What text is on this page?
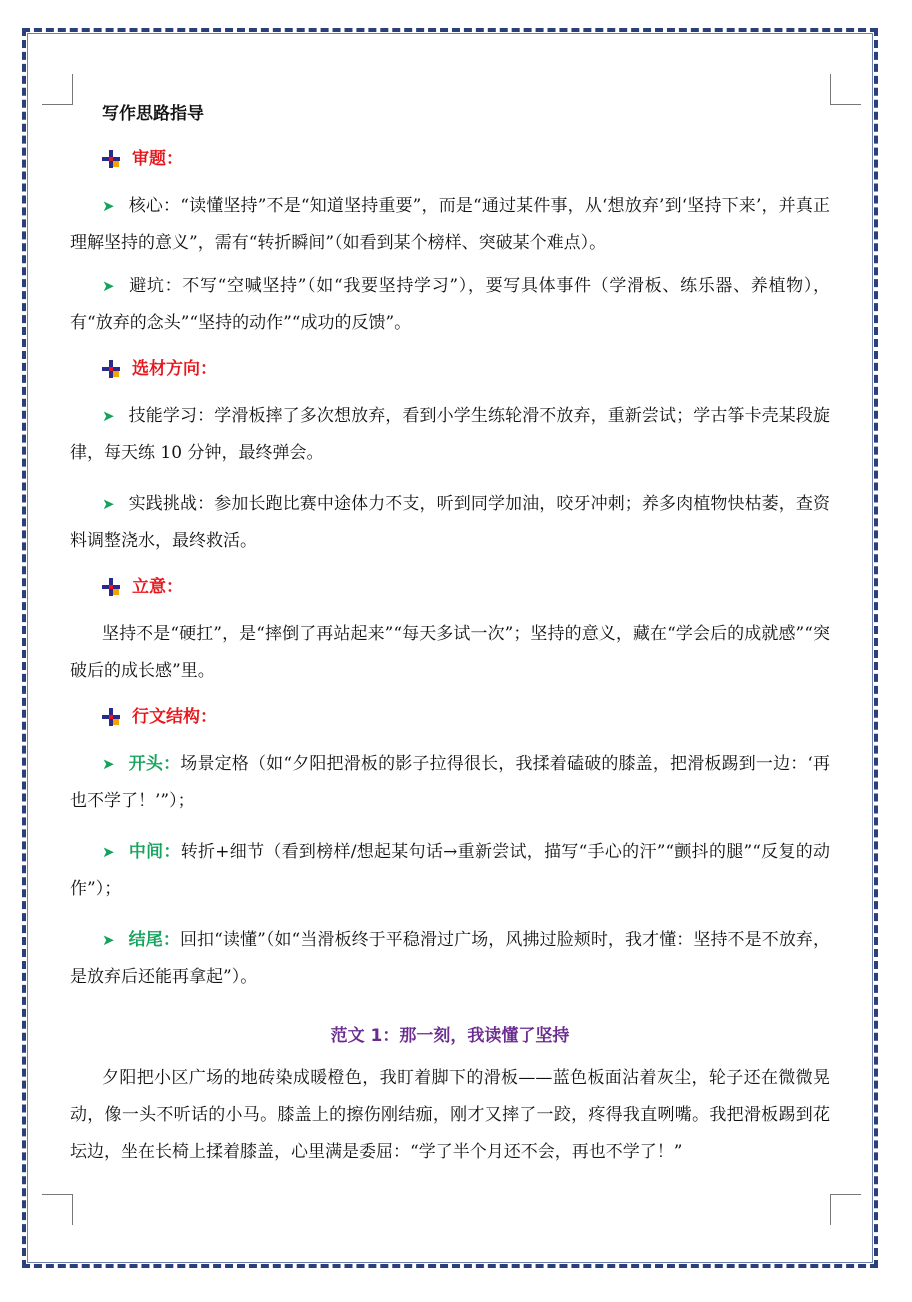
写作思路指导
审题：
➤ 核心：“读懂坚持”不是“知道坚持重要”，而是“通过某件事，从‘想放弃’到‘坚持下来’，并真正理解坚持的意义”，需有“转折瞬间”（如看到某个榜样、突破某个难点）。
➤ 避坑：不写“空喊坚持”（如“我要坚持学习”），要写具体事件（学滑板、练乐器、养植物），有“放弃的念头”“坚持的动作”“成功的反馈”。
选材方向：
➤ 技能学习：学滑板摔了多次想放弃，看到小学生练轮滑不放弃，重新尝试；学古筝卡壳某段旋律，每天练 10 分钟，最终弹会。
➤ 实践挑战：参加长跑比赛中途体力不支，听到同学加油，咬牙冲刺；养多肉植物快枯萎，查资料调整浇水，最终救活。
立意：
坚持不是“硬扛”，是“摔倒了再站起来”“每天多试一次”；坚持的意义，藏在“学会后的成就感”“突破后的成长感”里。
行文结构：
➤ 开头：场景定格（如“夕阳把滑板的影子拉得很长，我揉着磕破的膝盖，把滑板踢到一边：‘再也不学了！’”）；
➤ 中间：转折+细节（看到榜样/想起某句话→重新尝试，描写“手心的汗”“颤抖的腿”“反复的动作”）；
➤ 结尾：回扣“读懂”（如“当滑板终于平稳滑过广场，风拂过脸颊时，我才懂：坚持不是不放弃，是放弃后还能再拿起”）。
范文 1：那一刻，我读懂了坚持
夕阳把小区广场的地砖染成暖橙色，我盯着脚下的滑板——蓝色板面沾着灰尘，轮子还在微微晃动，像一头不听话的小马。膝盖上的擦伤刚结痂，刚才又摔了一跤，疼得我直咧嘴。我把滑板踢到花坛边，坐在长椅上揉着膝盖，心里满是委屈：“学了半个月还不会，再也不学了！”
